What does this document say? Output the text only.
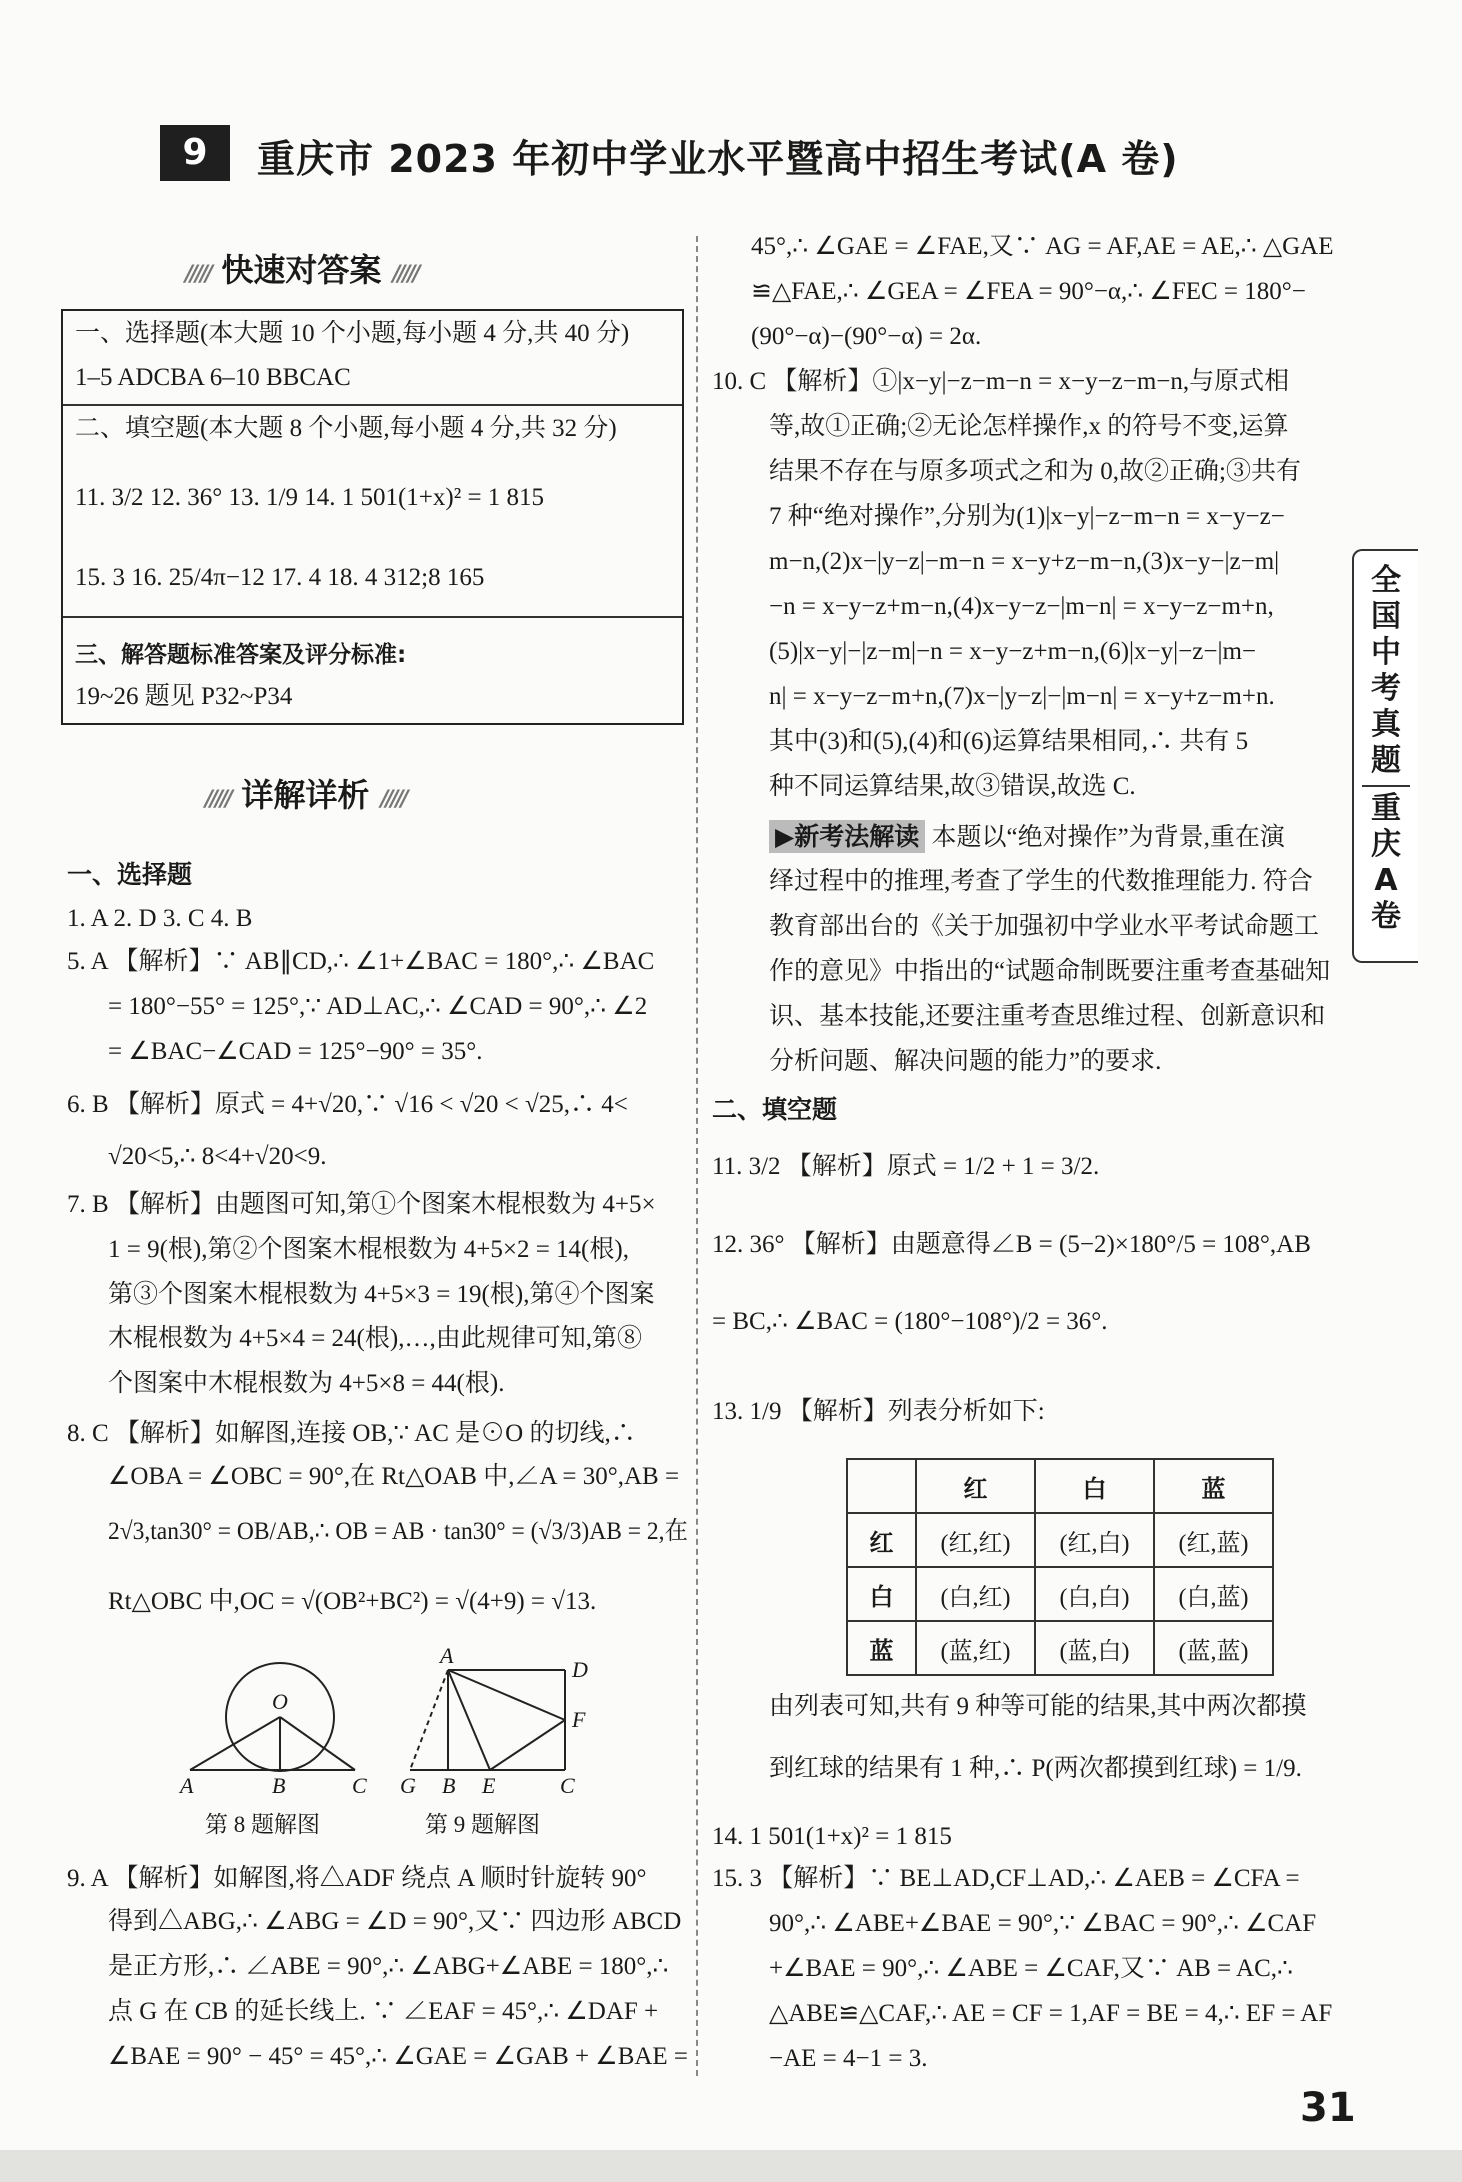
9	重庆市 2023 年初中学业水平暨高中招生考试(A 卷)
///// 快速对答案 /////
一、选择题(本大题 10 个小题,每小题 4 分,共 40 分)
1–5 ADCBA 6–10 BBCAC
二、填空题(本大题 8 个小题,每小题 4 分,共 32 分)
11. 3/2 12. 36° 13. 1/9 14. 1 501(1+x)² = 1 815
15. 3 16. 25/4π−12 17. 4 18. 4 312;8 165
三、解答题标准答案及评分标准:
19~26 题见 P32~P34
///// 详解详析 /////
O
A	B	C
A
D
F
G B E	C
第 8 题解图	第 9 题解图
▶新考法解读 本题以“绝对操作”为背景,重在演
	红	白	蓝
红	(红,红)	(红,白)	(红,蓝)
白	(白,红)	(白,白)	(白,蓝)
蓝	(蓝,红)	(蓝,白)	(蓝,蓝)
全
国
中
考
真
题
重
庆
A
卷
31
一、选择题
1. A 2. D 3. C 4. B
5. A 【解析】∵ AB∥CD,∴ ∠1+∠BAC = 180°,∴ ∠BAC
= 180°−55° = 125°,∵ AD⊥AC,∴ ∠CAD = 90°,∴ ∠2
= ∠BAC−∠CAD = 125°−90° = 35°.
6. B 【解析】原式 = 4+√20,∵ √16 < √20 < √25,∴ 4<
√20<5,∴ 8<4+√20<9.
7. B 【解析】由题图可知,第①个图案木棍根数为 4+5×
1 = 9(根),第②个图案木棍根数为 4+5×2 = 14(根),
第③个图案木棍根数为 4+5×3 = 19(根),第④个图案
木棍根数为 4+5×4 = 24(根),…,由此规律可知,第⑧
个图案中木棍根数为 4+5×8 = 44(根).
8. C 【解析】如解图,连接 OB,∵ AC 是⊙O 的切线,∴
∠OBA = ∠OBC = 90°,在 Rt△OAB 中,∠A = 30°,AB =
2√3,tan30° = OB/AB,∴ OB = AB · tan30° = (√3/3)AB = 2,在
Rt△OBC 中,OC = √(OB²+BC²) = √(4+9) = √13.
9. A 【解析】如解图,将△ADF 绕点 A 顺时针旋转 90°
得到△ABG,∴ ∠ABG = ∠D = 90°,又∵ 四边形 ABCD
是正方形,∴ ∠ABE = 90°,∴ ∠ABG+∠ABE = 180°,∴
点 G 在 CB 的延长线上. ∵ ∠EAF = 45°,∴ ∠DAF +
∠BAE = 90° − 45° = 45°,∴ ∠GAE = ∠GAB + ∠BAE =
45°,∴ ∠GAE = ∠FAE,又∵ AG = AF,AE = AE,∴ △GAE
≌△FAE,∴ ∠GEA = ∠FEA = 90°−α,∴ ∠FEC = 180°−
(90°−α)−(90°−α) = 2α.
10. C 【解析】①|x−y|−z−m−n = x−y−z−m−n,与原式相
等,故①正确;②无论怎样操作,x 的符号不变,运算
结果不存在与原多项式之和为 0,故②正确;③共有
7 种“绝对操作”,分别为(1)|x−y|−z−m−n = x−y−z−
m−n,(2)x−|y−z|−m−n = x−y+z−m−n,(3)x−y−|z−m|
−n = x−y−z+m−n,(4)x−y−z−|m−n| = x−y−z−m+n,
(5)|x−y|−|z−m|−n = x−y−z+m−n,(6)|x−y|−z−|m−
n| = x−y−z−m+n,(7)x−|y−z|−|m−n| = x−y+z−m+n.
其中(3)和(5),(4)和(6)运算结果相同,∴ 共有 5
种不同运算结果,故③错误,故选 C.
绎过程中的推理,考查了学生的代数推理能力. 符合
教育部出台的《关于加强初中学业水平考试命题工
作的意见》中指出的“试题命制既要注重考查基础知
识、基本技能,还要注重考查思维过程、创新意识和
分析问题、解决问题的能力”的要求.
二、填空题
11. 3/2 【解析】原式 = 1/2 + 1 = 3/2.
12. 36° 【解析】由题意得∠B = (5−2)×180°/5 = 108°,AB
= BC,∴ ∠BAC = (180°−108°)/2 = 36°.
13. 1/9 【解析】列表分析如下:
由列表可知,共有 9 种等可能的结果,其中两次都摸
到红球的结果有 1 种,∴ P(两次都摸到红球) = 1/9.
14. 1 501(1+x)² = 1 815
15. 3 【解析】∵ BE⊥AD,CF⊥AD,∴ ∠AEB = ∠CFA =
90°,∴ ∠ABE+∠BAE = 90°,∵ ∠BAC = 90°,∴ ∠CAF
+∠BAE = 90°,∴ ∠ABE = ∠CAF,又∵ AB = AC,∴
△ABE≌△CAF,∴ AE = CF = 1,AF = BE = 4,∴ EF = AF
−AE = 4−1 = 3.
